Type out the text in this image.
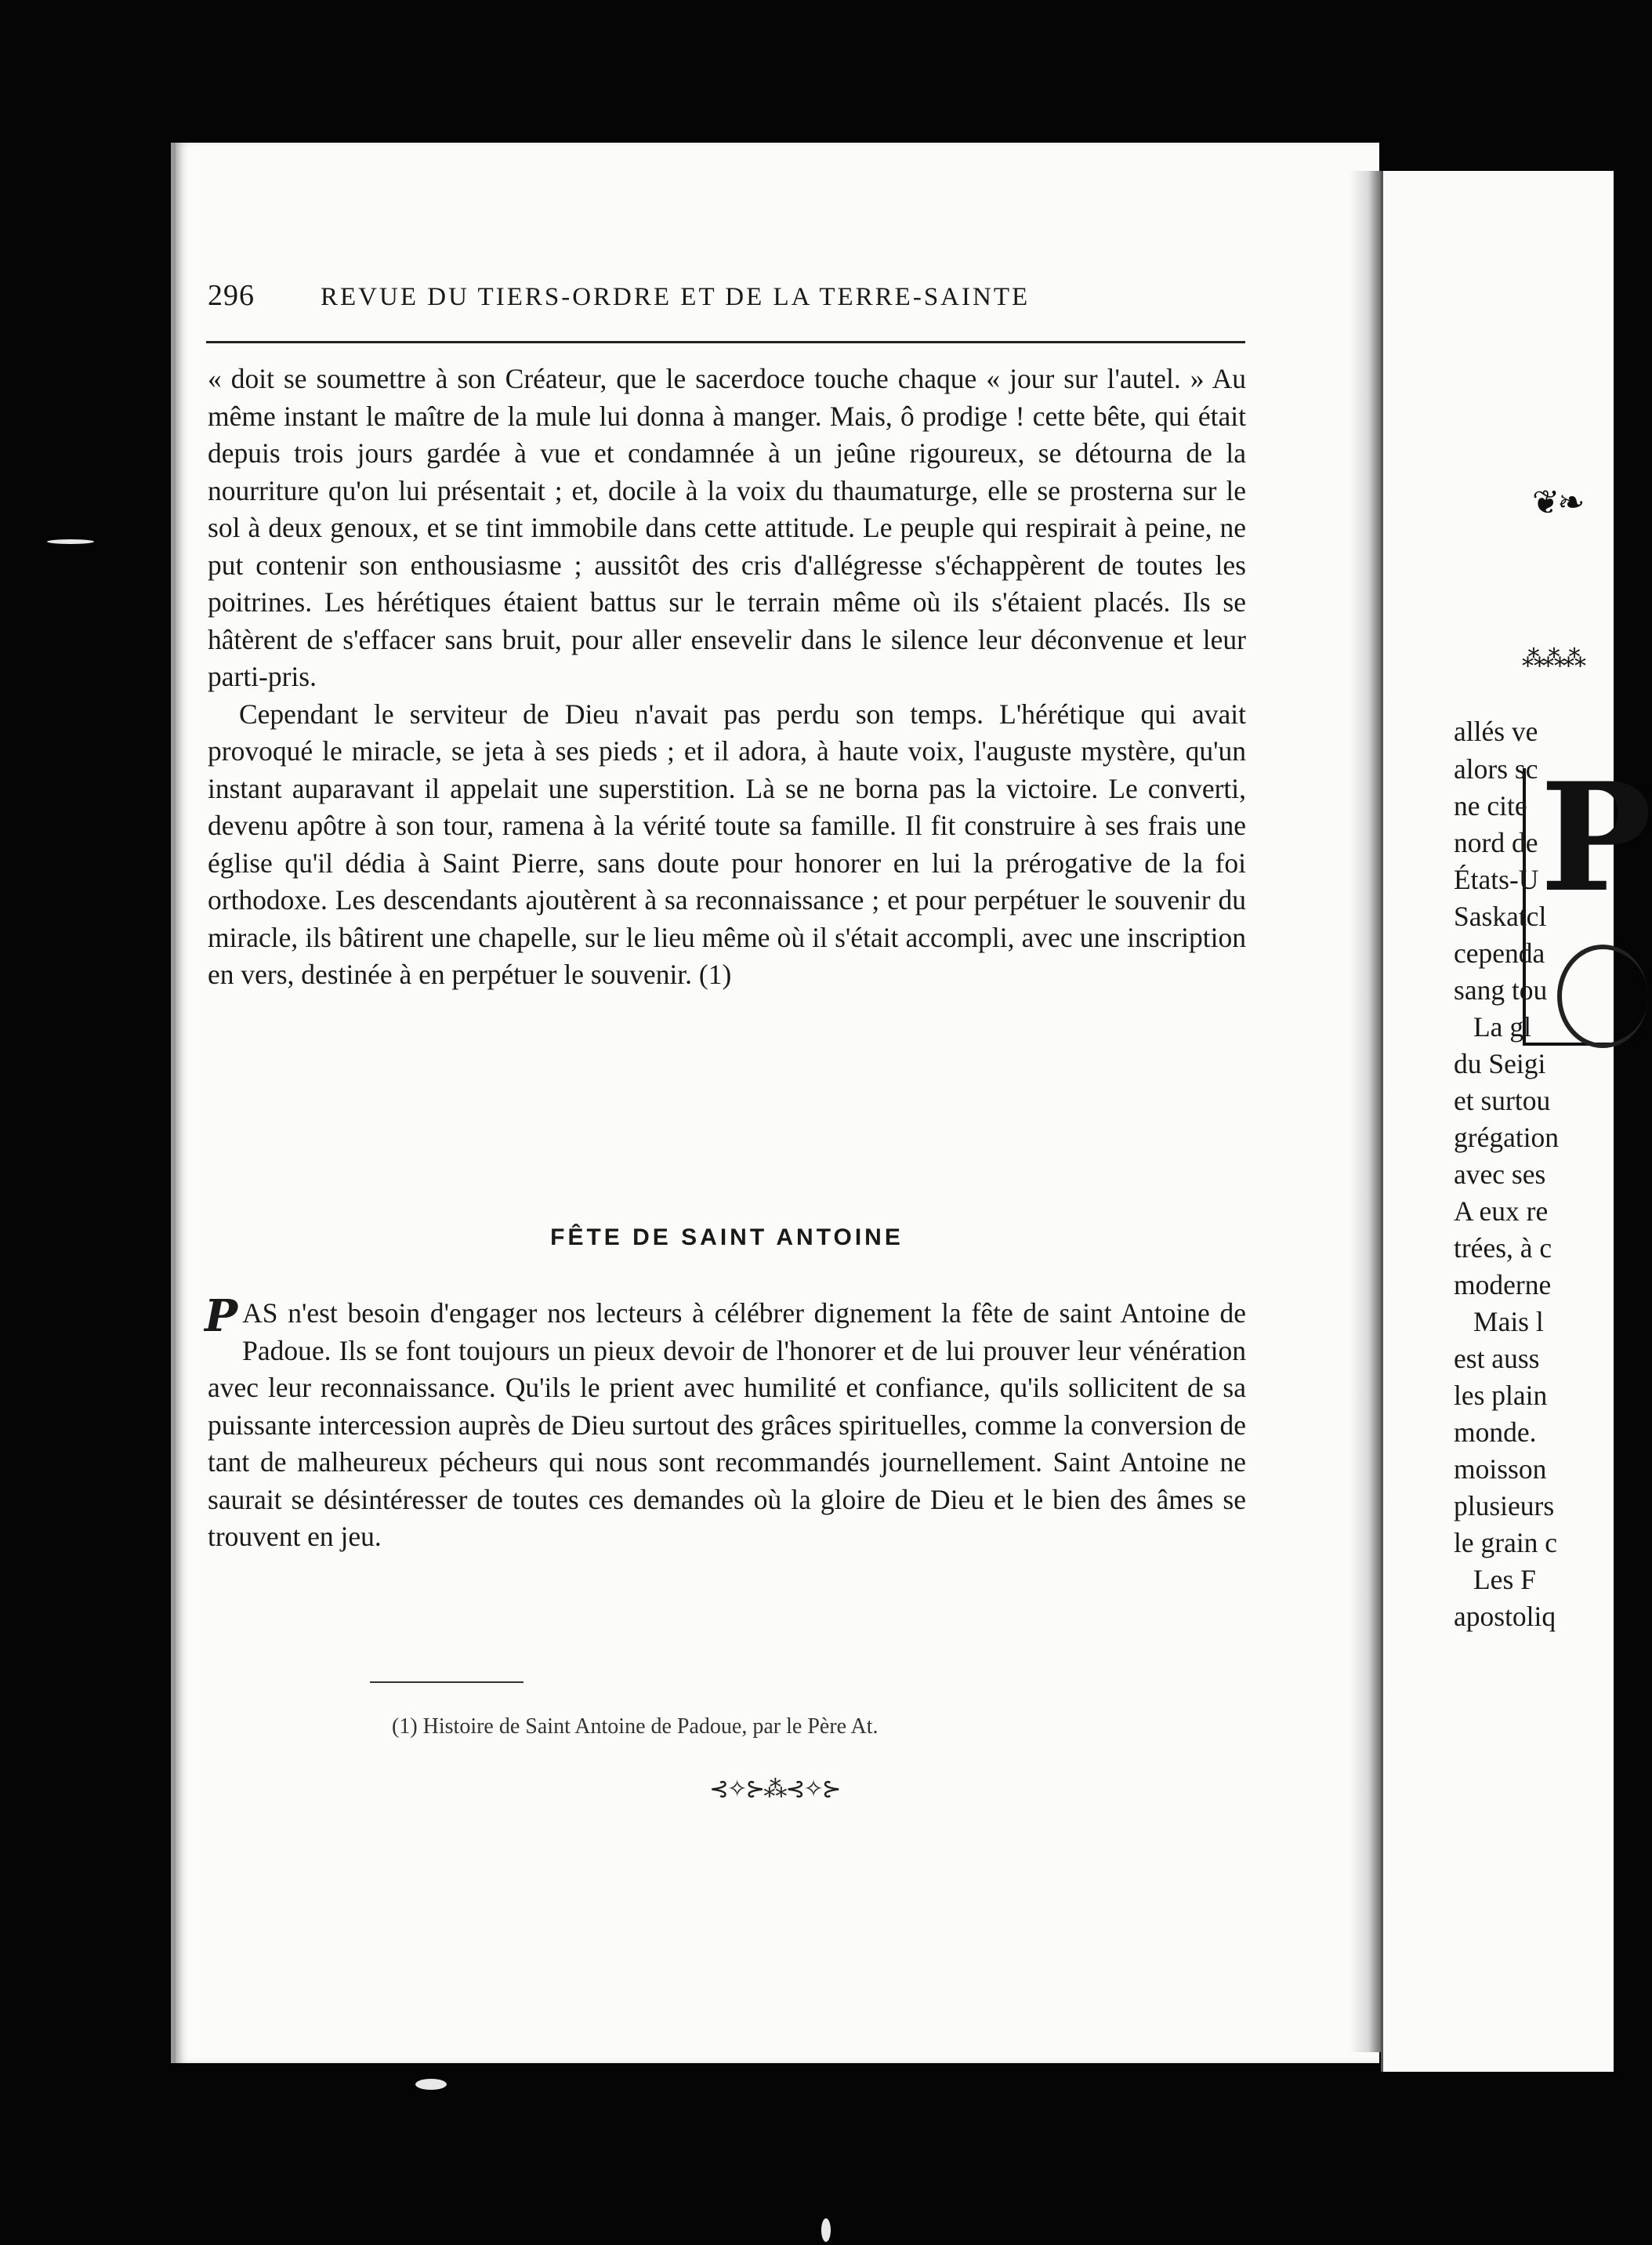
296	REVUE DU TIERS-ORDRE ET DE LA TERRE-SAINTE

« doit se soumettre à son Créateur, que le sacerdoce touche chaque « jour sur l'autel. » Au même instant le maître de la mule lui donna à manger. Mais, ô prodige ! cette bête, qui était depuis trois jours gardée à vue et condamnée à un jeûne rigoureux, se détourna de la nourriture qu'on lui présentait ; et, docile à la voix du thaumaturge, elle se prosterna sur le sol à deux genoux, et se tint immobile dans cette attitude. Le peuple qui respirait à peine, ne put contenir son enthousiasme ; aussitôt des cris d'allégresse s'échappèrent de toutes les poitrines. Les hérétiques étaient battus sur le terrain même où ils s'étaient placés. Ils se hâtèrent de s'effacer sans bruit, pour aller ensevelir dans le silence leur déconvenue et leur parti-pris.

Cependant le serviteur de Dieu n'avait pas perdu son temps. L'hérétique qui avait provoqué le miracle, se jeta à ses pieds ; et il adora, à haute voix, l'auguste mystère, qu'un instant auparavant il appelait une superstition. Là se ne borna pas la victoire. Le converti, devenu apôtre à son tour, ramena à la vérité toute sa famille. Il fit construire à ses frais une église qu'il dédia à Saint Pierre, sans doute pour honorer en lui la prérogative de la foi orthodoxe. Les descendants ajoutèrent à sa reconnaissance ; et pour perpétuer le souvenir du miracle, ils bâtirent une chapelle, sur le lieu même où il s'était accompli, avec une inscription en vers, destinée à en perpétuer le souvenir. (1)

FÊTE DE SAINT ANTOINE
P AS n'est besoin d'engager nos lecteurs à célébrer dignement la fête de saint Antoine de Padoue. Ils se font toujours un pieux devoir de l'honorer et de lui prouver leur vénération avec leur reconnaissance. Qu'ils le prient avec humilité et confiance, qu'ils sollicitent de sa puissante intercession auprès de Dieu surtout des grâces spirituelles, comme la conversion de tant de malheureux pécheurs qui nous sont recommandés journellement. Saint Antoine ne saurait se désintéresser de toutes ces demandes où la gloire de Dieu et le bien des âmes se trouvent en jeu.
(1) Histoire de Saint Antoine de Padoue, par le Père At.
⊰✧⊱⁂⊰✧⊱
❦❧
⁂⁂⁂
P
allés ve
alors sc
ne cite
nord de
États-U
Saskatcl
cependa
sang tou
La gl
du Seigi
et surtou
grégation
avec ses
A eux re
trées, à c
moderne
Mais l
est auss
les plain
monde.
moisson
plusieurs
le grain c
Les F
apostoliq
